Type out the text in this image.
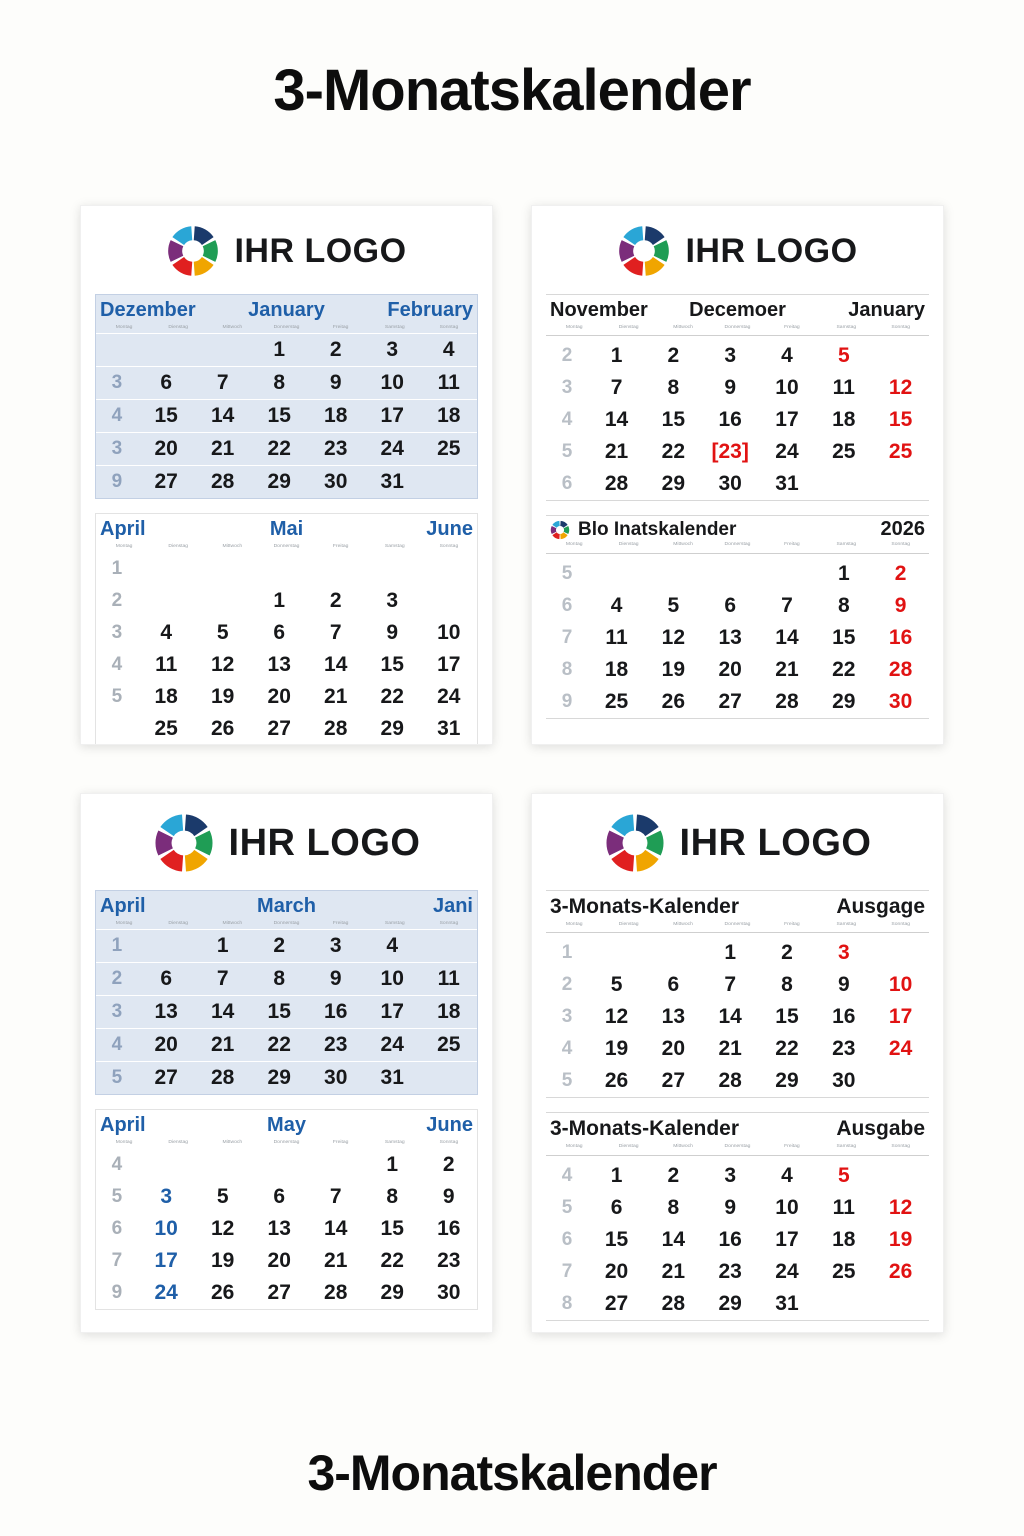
3-Monatskalender
IHR LOGO
Dezember	January	February
Montag	Dienstag	Mittwoch	Donnerstag	Freitag	Samstag	Sonntag
			1	2	3	4
3	6	7	8	9	10	11
4	15	14	15	18	17	18
3	20	21	22	23	24	25
9	27	28	29	30	31	
April	Mai	June
Montag	Dienstag	Mittwoch	Donnerstag	Freitag	Samstag	Sonntag
1						
2			1	2	3	
3	4	5	6	7	9	10
4	11	12	13	14	15	17
5	18	19	20	21	22	24
	25	26	27	28	29	31
IHR LOGO
November	Decemoer	January
Montag	Dienstag	Mittwoch	Donnerstag	Freitag	Samstag	Sonntag
2	1	2	3	4	5	
3	7	8	9	10	11	12
4	14	15	16	17	18	15
5	21	22	[23]	24	25	25
6	28	29	30	31		
Blo Inatskalender	2026
Montag	Dienstag	Mittwoch	Donnerstag	Freitag	Samstag	Sonntag
5					1	2
6	4	5	6	7	8	9
7	11	12	13	14	15	16
8	18	19	20	21	22	28
9	25	26	27	28	29	30
IHR LOGO
April	March	Jani
Montag	Dienstag	Mittwoch	Donnerstag	Freitag	Samstag	Sonntag
1		1	2	3	4	
2	6	7	8	9	10	11
3	13	14	15	16	17	18
4	20	21	22	23	24	25
5	27	28	29	30	31	
April	May	June
Montag	Dienstag	Mittwoch	Donnerstag	Freitag	Samstag	Sonntag
4					1	2
5	3	5	6	7	8	9
6	10	12	13	14	15	16
7	17	19	20	21	22	23
9	24	26	27	28	29	30
IHR LOGO
3-Monats-Kalender	Ausgage
Montag	Dienstag	Mittwoch	Donnerstag	Freitag	Samstag	Sonntag
1			1	2	3	
2	5	6	7	8	9	10
3	12	13	14	15	16	17
4	19	20	21	22	23	24
5	26	27	28	29	30	
3-Monats-Kalender	Ausgabe
Montag	Dienstag	Mittwoch	Donnerstag	Freitag	Samstag	Sonntag
4	1	2	3	4	5	
5	6	8	9	10	11	12
6	15	14	16	17	18	19
7	20	21	23	24	25	26
8	27	28	29	31		
3-Monatskalender
